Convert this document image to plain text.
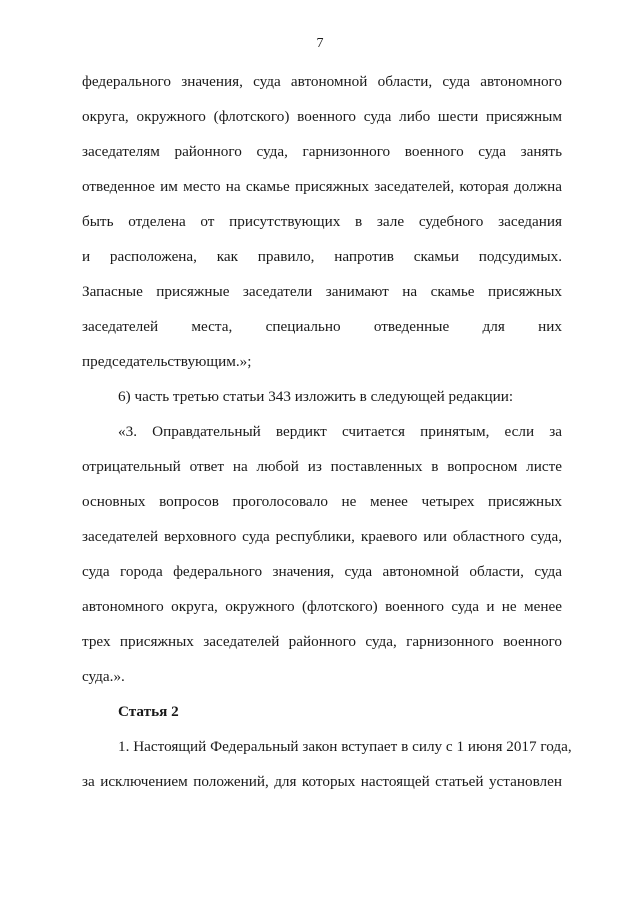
7
федерального значения, суда автономной области, суда автономного
округа, окружного (флотского) военного суда либо шести присяжным
заседателям районного суда, гарнизонного военного суда занять
отведенное им место на скамье присяжных заседателей, которая должна
быть отделена от присутствующих в зале судебного заседания
и расположена, как правило, напротив скамьи подсудимых.
Запасные присяжные заседатели занимают на скамье присяжных
заседателей места, специально отведенные для них
председательствующим.»;
6) часть третью статьи 343 изложить в следующей редакции:
«3. Оправдательный вердикт считается принятым, если за
отрицательный ответ на любой из поставленных в вопросном листе
основных вопросов проголосовало не менее четырех присяжных
заседателей верховного суда республики, краевого или областного суда,
суда города федерального значения, суда автономной области, суда
автономного округа, окружного (флотского) военного суда и не менее
трех присяжных заседателей районного суда, гарнизонного военного
суда.».
Статья 2
1. Настоящий Федеральный закон вступает в силу с 1 июня 2017 года,
за исключением положений, для которых настоящей статьей установлен
